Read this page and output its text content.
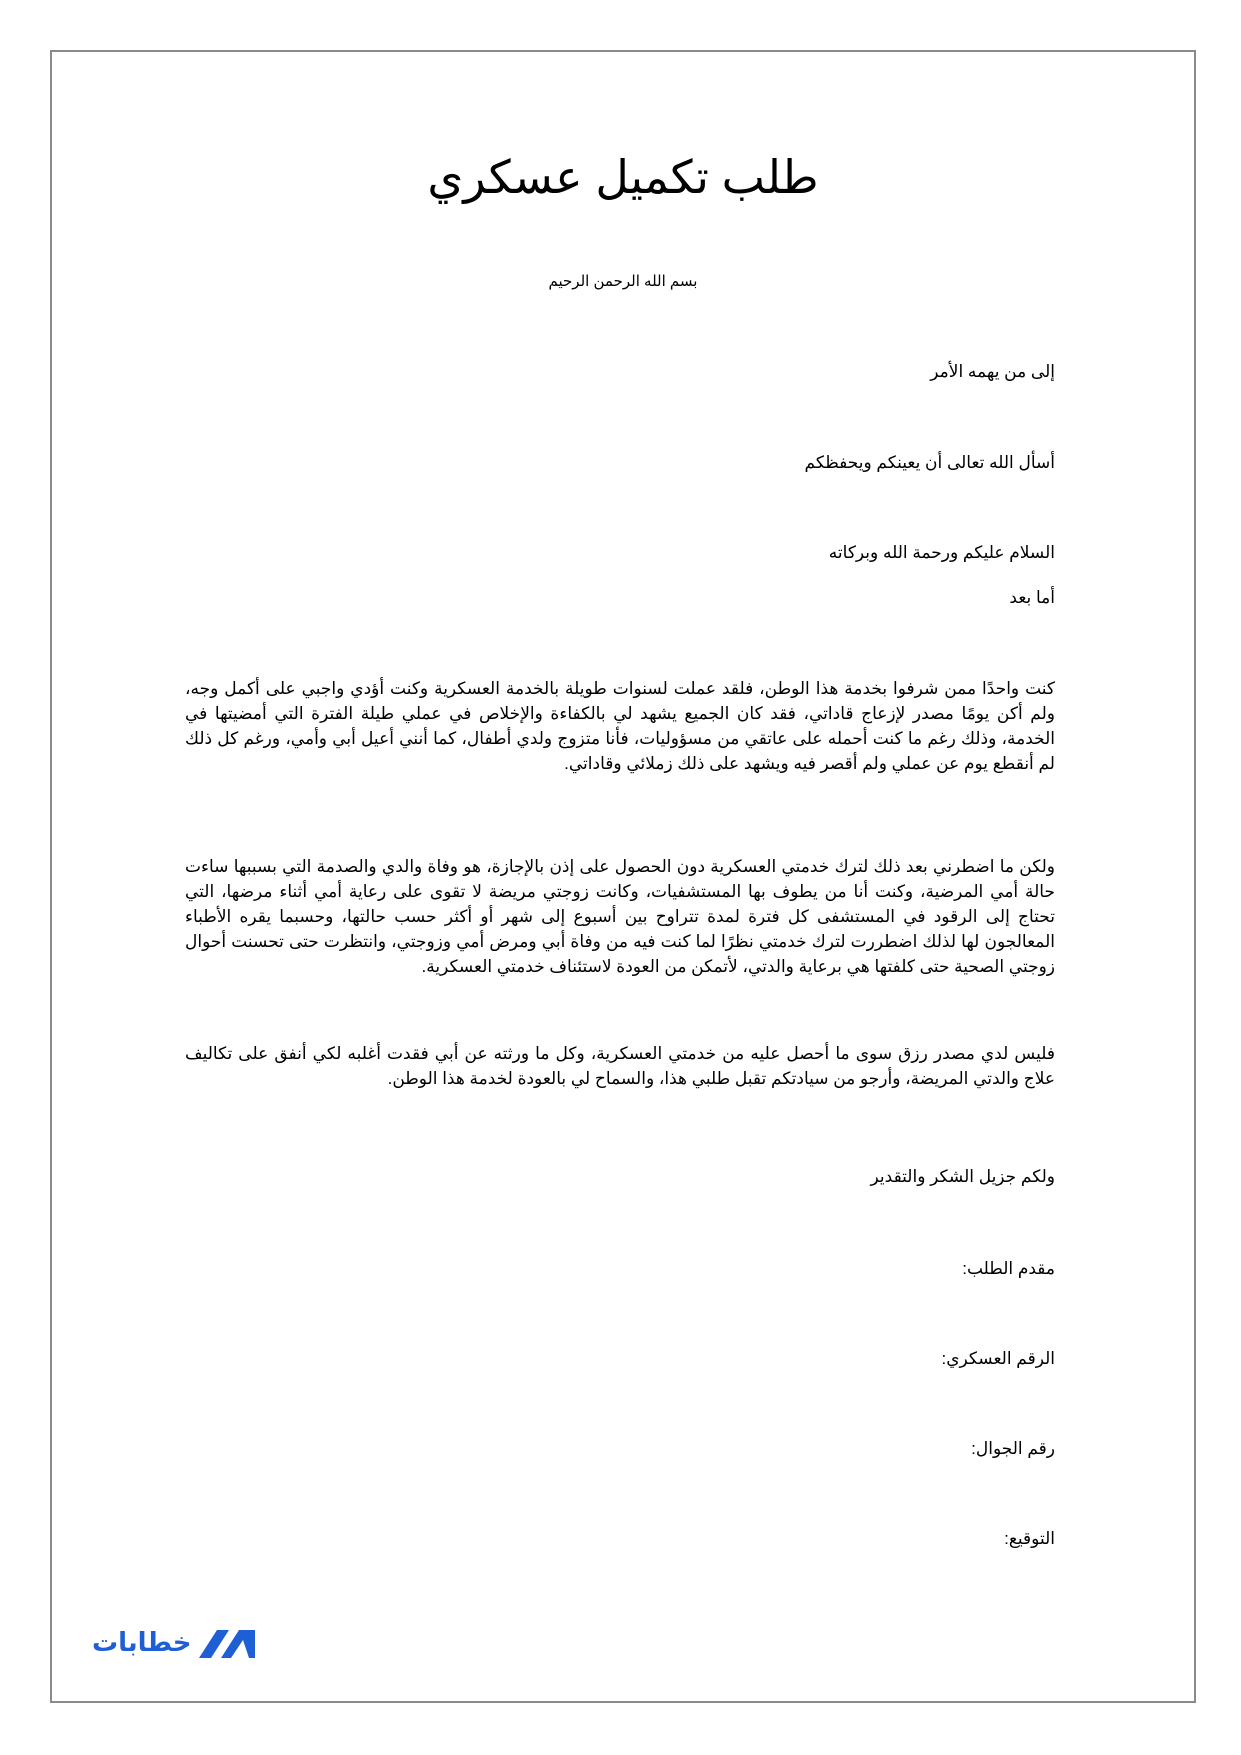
طلب تكميل عسكري
بسم الله الرحمن الرحيم
إلى من يهمه الأمر
أسأل الله تعالى أن يعينكم ويحفظكم
السلام عليكم ورحمة الله وبركاته
أما بعد

كنت واحدًا ممن شرفوا بخدمة هذا الوطن، فلقد عملت لسنوات طويلة بالخدمة العسكرية وكنت أؤدي واجبي على أكمل وجه، ولم أكن يومًا مصدر لإزعاج قاداتي، فقد كان الجميع يشهد لي بالكفاءة والإخلاص في عملي طيلة الفترة التي أمضيتها في الخدمة، وذلك رغم ما كنت أحمله على عاتقي من مسؤوليات، فأنا متزوج ولدي أطفال، كما أنني أعيل أبي وأمي، ورغم كل ذلك لم أنقطع يوم عن عملي ولم أقصر فيه ويشهد على ذلك زملائي وقاداتي.

ولكن ما اضطرني بعد ذلك لترك خدمتي العسكرية دون الحصول على إذن بالإجازة، هو وفاة والدي والصدمة التي بسببها ساءت حالة أمي المرضية، وكنت أنا من يطوف بها المستشفيات، وكانت زوجتي مريضة لا تقوى على رعاية أمي أثناء مرضها، التي تحتاج إلى الرقود في المستشفى كل فترة لمدة تتراوح بين أسبوع إلى شهر أو أكثر حسب حالتها، وحسبما يقره الأطباء المعالجون لها لذلك اضطررت لترك خدمتي نظرًا لما كنت فيه من وفاة أبي ومرض أمي وزوجتي، وانتظرت حتى تحسنت أحوال زوجتي الصحية حتى كلفتها هي برعاية والدتي، لأتمكن من العودة لاستئناف خدمتي العسكرية.

فليس لدي مصدر رزق سوى ما أحصل عليه من خدمتي العسكرية، وكل ما ورثته عن أبي فقدت أغلبه لكي أنفق على تكاليف علاج والدتي المريضة، وأرجو من سيادتكم تقبل طلبي هذا، والسماح لي بالعودة لخدمة هذا الوطن.

ولكم جزيل الشكر والتقدير
مقدم الطلب:
الرقم العسكري:
رقم الجوال:
التوقيع:
خطابات
